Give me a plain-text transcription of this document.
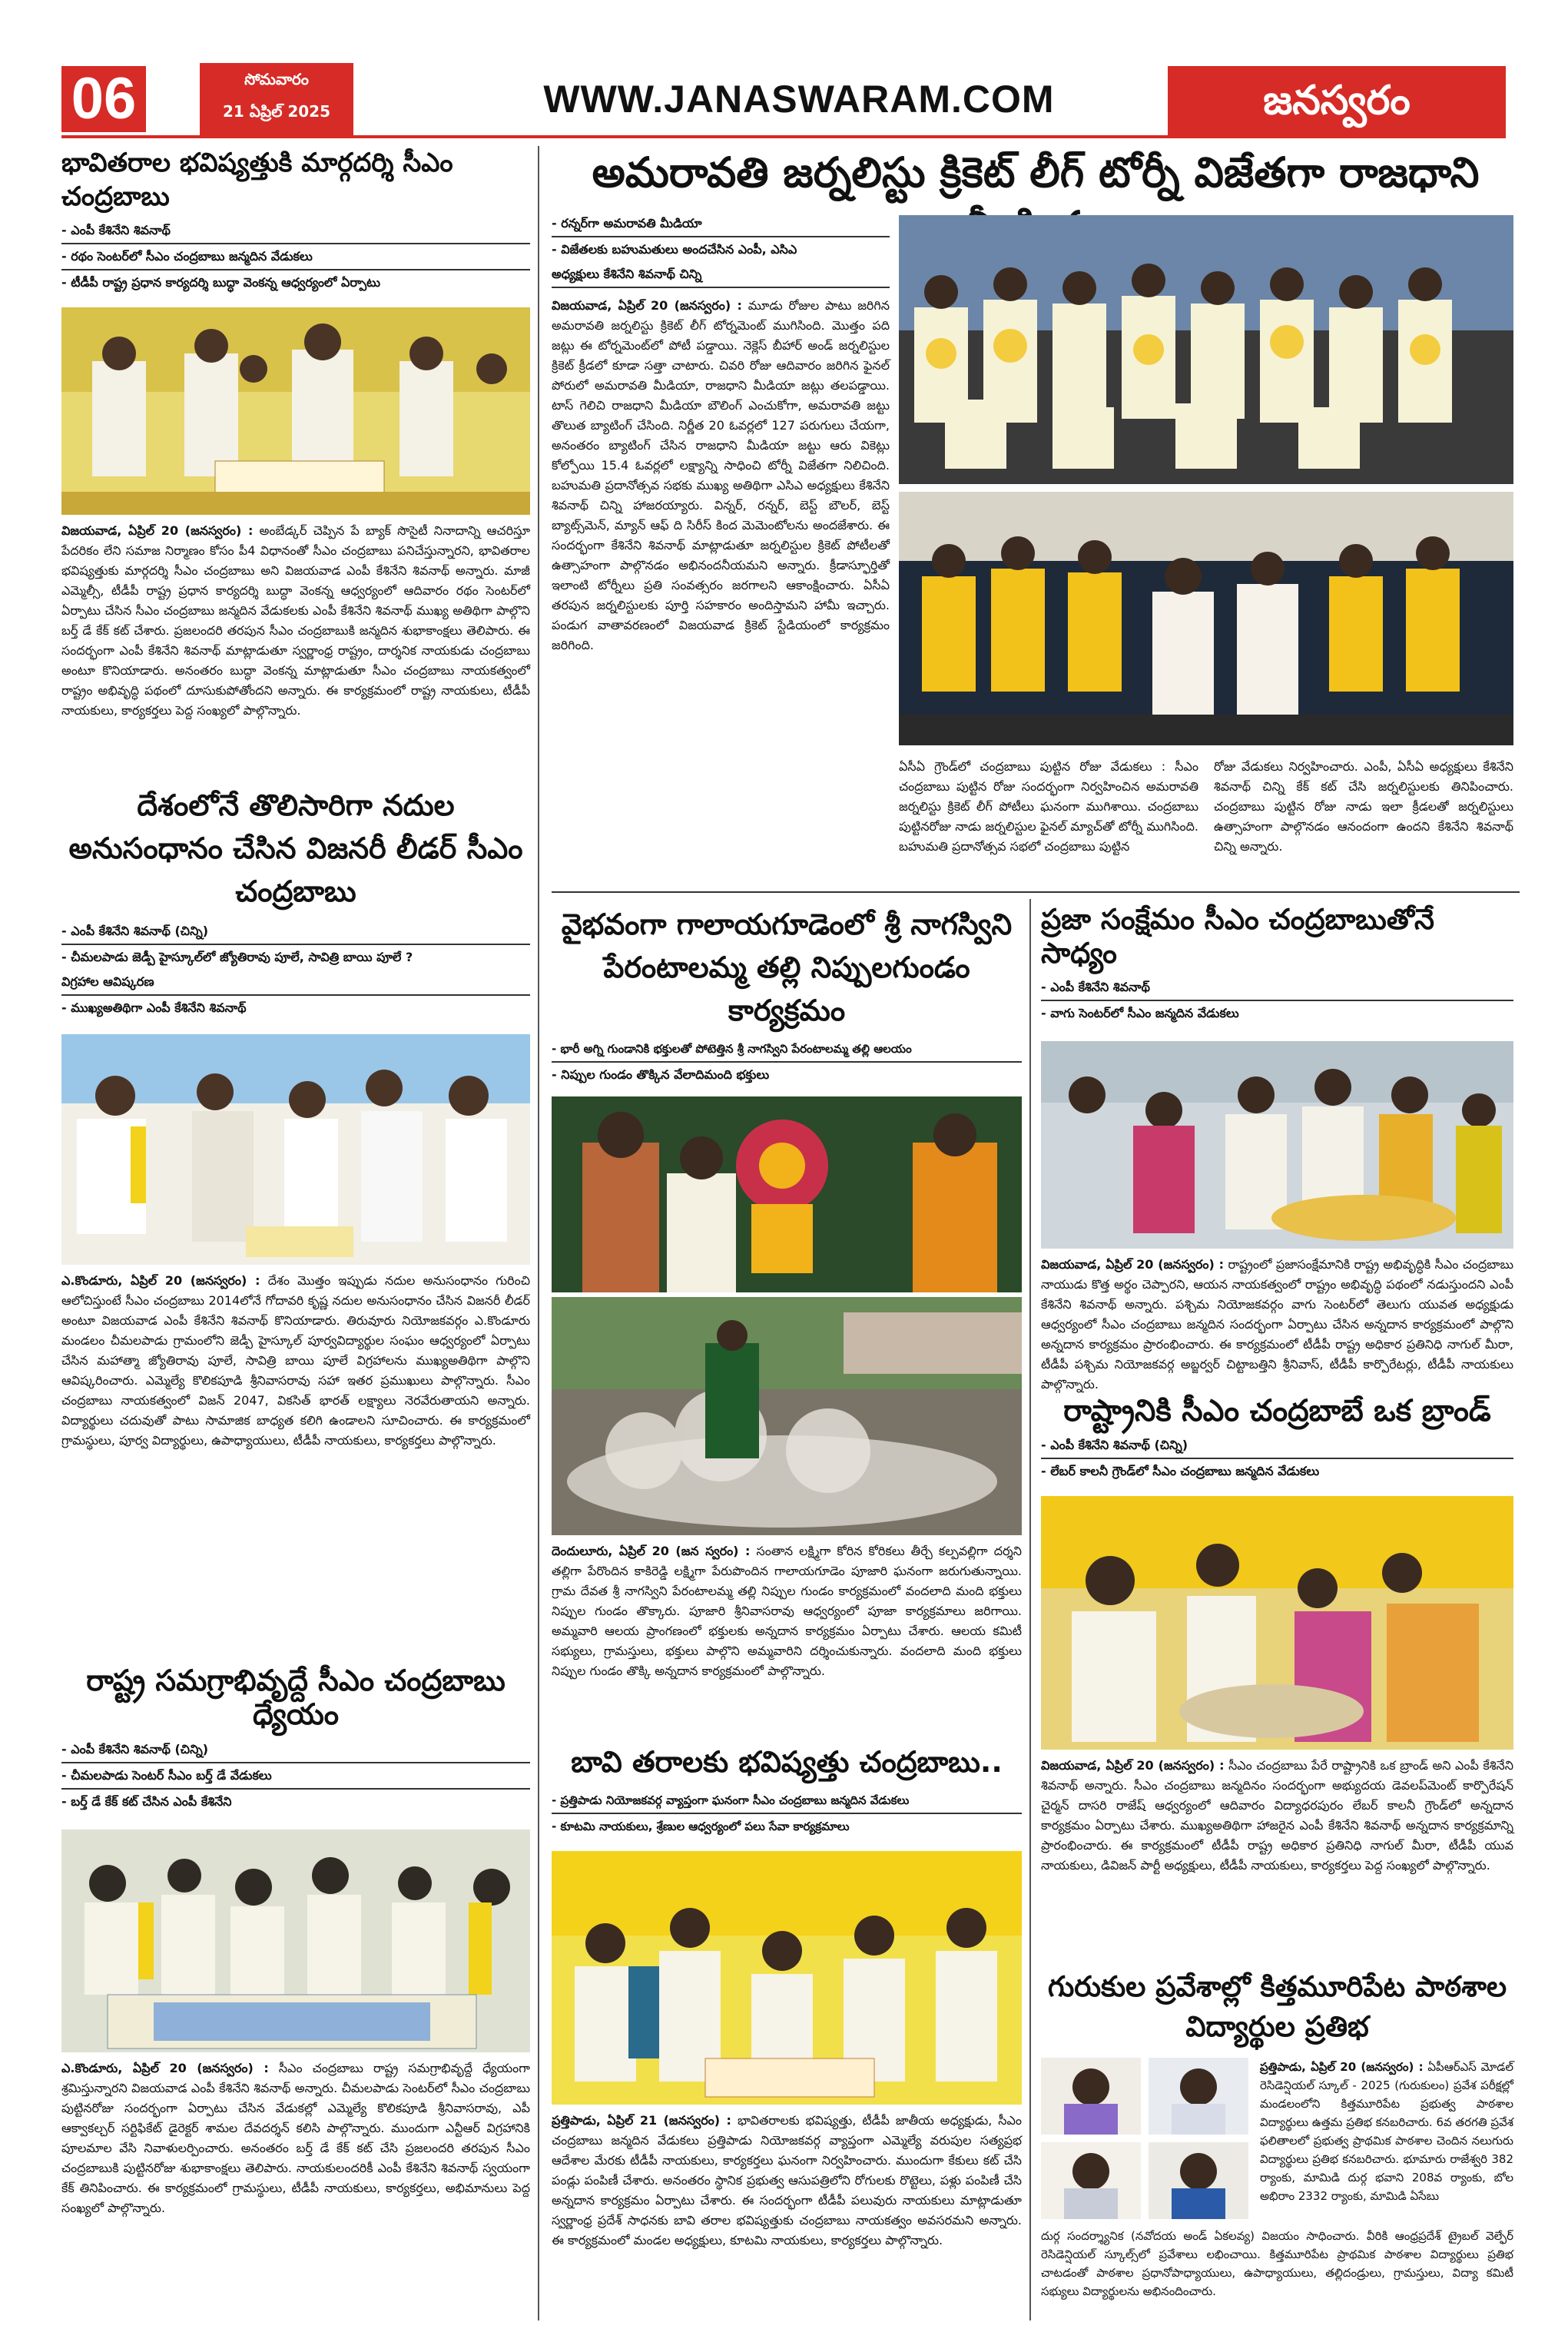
06	సోమవారం
21 ఏప్రిల్ 2025	WWW.JANASWARAM.COM	జనస్వరం
భావితరాల భవిష్యత్తుకి మార్గదర్శి సీఎం చంద్రబాబు
- ఎంపీ కేశినేని శివనాథ్
- రథం సెంటర్‌లో సీఎం చంద్రబాబు జన్మదిన వేడుకలు
- టీడీపీ రాష్ట్ర ప్రధాన కార్యదర్శి బుద్ధా వెంకన్న ఆధ్వర్యంలో ఏర్పాటు
విజయవాడ, ఏప్రిల్ 20 (జనస్వరం) : అంబేడ్కర్ చెప్పిన పే బ్యాక్ సొసైటీ నినాదాన్ని ఆచరిస్తూ పేదరికం లేని సమాజ నిర్మాణం కోసం పీ4 విధానంతో సీఎం చంద్రబాబు పనిచేస్తున్నారని, భావితరాల భవిష్యత్తుకు మార్గదర్శి సీఎం చంద్రబాబు అని విజయవాడ ఎంపీ కేశినేని శివనాథ్ అన్నారు. మాజీ ఎమ్మెల్సీ, టీడీపీ రాష్ట్ర ప్రధాన కార్యదర్శి బుద్ధా వెంకన్న ఆధ్వర్యంలో ఆదివారం రథం సెంటర్‌లో ఏర్పాటు చేసిన సీఎం చంద్రబాబు జన్మదిన వేడుకలకు ఎంపీ కేశినేని శివనాథ్ ముఖ్య అతిథిగా పాల్గొని బర్త్ డే కేక్ కట్ చేశారు. ప్రజలందరి తరపున సీఎం చంద్రబాబుకి జన్మదిన శుభాకాంక్షలు తెలిపారు. ఈ సందర్భంగా ఎంపీ కేశినేని శివనాథ్ మాట్లాడుతూ స్వర్ణాంధ్ర రాష్ట్రం, దార్శనిక నాయకుడు చంద్రబాబు అంటూ కొనియాడారు. అనంతరం బుద్ధా వెంకన్న మాట్లాడుతూ సీఎం చంద్రబాబు నాయకత్వంలో రాష్ట్రం అభివృద్ధి పథంలో దూసుకుపోతోందని అన్నారు. ఈ కార్యక్రమంలో రాష్ట్ర నాయకులు, టీడీపీ నాయకులు, కార్యకర్తలు పెద్ద సంఖ్యలో పాల్గొన్నారు.
దేశంలోనే తొలిసారిగా నదుల అనుసంధానం చేసిన విజనరీ లీడర్ సీఎం చంద్రబాబు
- ఎంపీ కేశినేని శివనాథ్ (చిన్ని)
- చీమలపాడు జెడ్పీ హైస్కూల్‌లో జ్యోతిరావు పూలే, సావిత్రి బాయి పూలే ?
విగ్రహాల ఆవిష్కరణ
- ముఖ్యఅతిథిగా ఎంపీ కేశినేని శివనాథ్
ఎ.కొండూరు, ఏప్రిల్ 20 (జనస్వరం) : దేశం మొత్తం ఇప్పుడు నదుల అనుసంధానం గురించి ఆలోచిస్తుంటే సీఎం చంద్రబాబు 2014లోనే గోదావరి కృష్ణ నదుల అనుసంధానం చేసిన విజనరీ లీడర్ అంటూ విజయవాడ ఎంపీ కేశినేని శివనాథ్ కొనియాడారు. తిరువూరు నియోజకవర్గం ఎ.కొండూరు మండలం చీమలపాడు గ్రామంలోని జెడ్పీ హైస్కూల్ పూర్వవిద్యార్థుల సంఘం ఆధ్వర్యంలో ఏర్పాటు చేసిన మహాత్మా జ్యోతిరావు పూలే, సావిత్రి బాయి పూలే విగ్రహాలను ముఖ్యఅతిథిగా పాల్గొని ఆవిష్కరించారు. ఎమ్మెల్యే కొలికపూడి శ్రీనివాసరావు సహా ఇతర ప్రముఖులు పాల్గొన్నారు. సీఎం చంద్రబాబు నాయకత్వంలో విజన్ 2047, వికసిత్ భారత్ లక్ష్యాలు నెరవేరుతాయని అన్నారు. విద్యార్థులు చదువుతో పాటు సామాజిక బాధ్యత కలిగి ఉండాలని సూచించారు. ఈ కార్యక్రమంలో గ్రామస్థులు, పూర్వ విద్యార్థులు, ఉపాధ్యాయులు, టీడీపీ నాయకులు, కార్యకర్తలు పాల్గొన్నారు.
రాష్ట్ర సమగ్రాభివృద్దే సీఎం చంద్రబాబు ధ్యేయం
- ఎంపీ కేశినేని శివనాథ్ (చిన్ని)
- చీమలపాడు సెంటర్ సీఎం బర్త్ డే వేడుకలు
- బర్త్ డే కేక్ కట్ చేసిన ఎంపీ కేశినేని
ఎ.కొండూరు, ఏప్రిల్ 20 (జనస్వరం) : సీఎం చంద్రబాబు రాష్ట్ర సమగ్రాభివృద్దే ధ్యేయంగా శ్రమిస్తున్నారని విజయవాడ ఎంపీ కేశినేని శివనాథ్ అన్నారు. చీమలపాడు సెంటర్‌లో సీఎం చంద్రబాబు పుట్టినరోజు సందర్భంగా ఏర్పాటు చేసిన వేడుకల్లో ఎమ్మెల్యే కొలికపూడి శ్రీనివాసరావు, ఎపీ ఆక్వాకల్చర్ సర్టిఫికేట్ డైరెక్టర్ శామల దేవదర్శన్ కలిసి పాల్గొన్నారు. ముందుగా ఎన్టీఆర్ విగ్రహానికి పూలమాల వేసి నివాళులర్పించారు. అనంతరం బర్త్ డే కేక్ కట్ చేసి ప్రజలందరి తరపున సీఎం చంద్రబాబుకి పుట్టినరోజు శుభాకాంక్షలు తెలిపారు. నాయకులందరికీ ఎంపీ కేశినేని శివనాథ్ స్వయంగా కేక్ తినిపించారు. ఈ కార్యక్రమంలో గ్రామస్థులు, టీడీపీ నాయకులు, కార్యకర్తలు, అభిమానులు పెద్ద సంఖ్యలో పాల్గొన్నారు.
అమరావతి జర్నలిస్టు క్రికెట్ లీగ్ టోర్నీ విజేతగా రాజధాని
- రన్నర్‌గా అమరావతి మీడియా
- విజేతలకు బహుమతులు అందచేసిన ఎంపీ, ఎసిఎ
అధ్యక్షులు కేశినేని శివనాథ్ చిన్ని
విజయవాడ, ఏప్రిల్ 20 (జనస్వరం) : మూడు రోజుల పాటు జరిగిన అమరావతి జర్నలిస్టు క్రికెట్ లీగ్ టోర్నమెంట్ ముగిసింది. మొత్తం పది జట్లు ఈ టోర్నమెంట్‌లో పోటీ పడ్డాయి. నెక్లెస్ బీహార్ అండ్ జర్నలిస్టుల క్రికెట్ క్రీడలో కూడా సత్తా చాటారు. చివరి రోజు ఆదివారం జరిగిన ఫైనల్ పోరులో అమరావతి మీడియా, రాజధాని మీడియా జట్లు తలపడ్డాయి. టాస్ గెలిచి రాజధాని మీడియా బౌలింగ్ ఎంచుకోగా, అమరావతి జట్టు తొలుత బ్యాటింగ్ చేసింది. నిర్ణీత 20 ఓవర్లలో 127 పరుగులు చేయగా, అనంతరం బ్యాటింగ్ చేసిన రాజధాని మీడియా జట్టు ఆరు వికెట్లు కోల్పోయి 15.4 ఓవర్లలో లక్ష్యాన్ని సాధించి టోర్నీ విజేతగా నిలిచింది. బహుమతి ప్రదానోత్సవ సభకు ముఖ్య అతిథిగా ఎసిఎ అధ్యక్షులు కేశినేని శివనాథ్ చిన్ని హాజరయ్యారు. విన్నర్, రన్నర్, బెస్ట్ బౌలర్, బెస్ట్ బ్యాట్స్‌మెన్, మ్యాన్ ఆఫ్ ది సిరీస్ కింద మెమెంటోలను అందజేశారు. ఈ సందర్భంగా కేశినేని శివనాథ్ మాట్లాడుతూ జర్నలిస్టుల క్రికెట్ పోటీలతో ఉత్సాహంగా పాల్గొనడం అభినందనీయమని అన్నారు. క్రీడాస్ఫూర్తితో ఇలాంటి టోర్నీలు ప్రతి సంవత్సరం జరగాలని ఆకాంక్షించారు. ఏసీఏ తరపున జర్నలిస్టులకు పూర్తి సహకారం అందిస్తామని హామీ ఇచ్చారు. పండుగ వాతావరణంలో విజయవాడ క్రికెట్ స్టేడియంలో కార్యక్రమం జరిగింది.
ఏసీఏ గ్రౌండ్‌లో చంద్రబాబు పుట్టిన రోజు వేడుకలు : సీఎం చంద్రబాబు పుట్టిన రోజు సందర్భంగా నిర్వహించిన అమరావతి జర్నలిస్టు క్రికెట్ లీగ్ పోటీలు ఘనంగా ముగిశాయి. చంద్రబాబు పుట్టినరోజు నాడు జర్నలిస్టుల ఫైనల్ మ్యాచ్‌తో టోర్నీ ముగిసింది. బహుమతి ప్రదానోత్సవ సభలో చంద్రబాబు పుట్టిన
రోజు వేడుకలు నిర్వహించారు. ఎంపీ, ఏసీఏ అధ్యక్షులు కేశినేని శివనాథ్ చిన్ని కేక్ కట్ చేసి జర్నలిస్టులకు తినిపించారు. చంద్రబాబు పుట్టిన రోజు నాడు ఇలా క్రీడలతో జర్నలిస్టులు ఉత్సాహంగా పాల్గొనడం ఆనందంగా ఉందని కేశినేని శివనాథ్ చిన్ని అన్నారు.
వైభవంగా గాలాయగూడెంలో శ్రీ నాగస్విని పేరంటాలమ్మ తల్లి నిప్పులగుండం కార్యక్రమం
- భారీ అగ్ని గుండానికి భక్తులతో పోటెత్తిన శ్రీ నాగస్విని పేరంటాలమ్మ తల్లి ఆలయం
- నిప్పుల గుండం తొక్కిన వేలాదిమంది భక్తులు
దెందులూరు, ఏప్రిల్ 20 (జన స్వరం) : సంతాన లక్ష్మిగా కోరిన కోరికలు తీర్చే కల్పవల్లిగా దర్శని తల్లిగా పేరొందిన కాకిరెడ్డి లక్ష్మిగా పేరుపొందిన గాలాయగూడెం పూజారి ఘనంగా జరుగుతున్నాయి. గ్రామ దేవత శ్రీ నాగస్విని పేరంటాలమ్మ తల్లి నిప్పుల గుండం కార్యక్రమంలో వందలాది మంది భక్తులు నిప్పుల గుండం తొక్కారు. పూజారి శ్రీనివాసరావు ఆధ్వర్యంలో పూజా కార్యక్రమాలు జరిగాయి. అమ్మవారి ఆలయ ప్రాంగణంలో భక్తులకు అన్నదాన కార్యక్రమం ఏర్పాటు చేశారు. ఆలయ కమిటీ సభ్యులు, గ్రామస్తులు, భక్తులు పాల్గొని అమ్మవారిని దర్శించుకున్నారు. వందలాది మంది భక్తులు నిప్పుల గుండం తొక్కి అన్నదాన కార్యక్రమంలో పాల్గొన్నారు.
బావి తరాలకు భవిష్యత్తు చంద్రబాబు..
- ప్రత్తిపాడు నియోజకవర్గ వ్యాప్తంగా ఘనంగా సీఎం చంద్రబాబు జన్మదిన వేడుకలు
- కూటమి నాయకులు, శ్రేణుల ఆధ్వర్యంలో పలు సేవా కార్యక్రమాలు
ప్రత్తిపాడు, ఏప్రిల్ 21 (జనస్వరం) : భావితరాలకు భవిష్యత్తు, టీడీపీ జాతీయ అధ్యక్షుడు, సీఎం చంద్రబాబు జన్మదిన వేడుకలు ప్రత్తిపాడు నియోజకవర్గ వ్యాప్తంగా ఎమ్మెల్యే వరుపుల సత్యప్రభ ఆదేశాల మేరకు టీడీపీ నాయకులు, కార్యకర్తలు ఘనంగా నిర్వహించారు. ముందుగా కేకులు కట్ చేసి పండ్లు పంపిణీ చేశారు. అనంతరం స్థానిక ప్రభుత్వ ఆసుపత్రిలోని రోగులకు రొట్టెలు, పళ్లు పంపిణీ చేసి అన్నదాన కార్యక్రమం ఏర్పాటు చేశారు. ఈ సందర్భంగా టీడీపీ పలువురు నాయకులు మాట్లాడుతూ స్వర్ణాంధ్ర ప్రదేశ్ సాధనకు బావి తరాల భవిష్యత్తుకు చంద్రబాబు నాయకత్వం అవసరమని అన్నారు. ఈ కార్యక్రమంలో మండల అధ్యక్షులు, కూటమి నాయకులు, కార్యకర్తలు పాల్గొన్నారు.
ప్రజా సంక్షేమం సీఎం చంద్రబాబుతోనే సాధ్యం
- ఎంపీ కేశినేని శివనాథ్
- వాగు సెంటర్‌లో సీఎం జన్మదిన వేడుకలు
విజయవాడ, ఏప్రిల్ 20 (జనస్వరం) : రాష్ట్రంలో ప్రజాసంక్షేమానికి రాష్ట్ర అభివృద్ధికి సీఎం చంద్రబాబు నాయుడు కొత్త అర్థం చెప్పారని, ఆయన నాయకత్వంలో రాష్ట్రం అభివృద్ధి పథంలో నడుస్తుందని ఎంపీ కేశినేని శివనాథ్ అన్నారు. పశ్చిమ నియోజకవర్గం వాగు సెంటర్‌లో తెలుగు యువత అధ్యక్షుడు ఆధ్వర్యంలో సీఎం చంద్రబాబు జన్మదిన సందర్భంగా ఏర్పాటు చేసిన అన్నదాన కార్యక్రమంలో పాల్గొని అన్నదాన కార్యక్రమం ప్రారంభించారు. ఈ కార్యక్రమంలో టీడీపీ రాష్ట్ర అధికార ప్రతినిధి నాగుల్ మీరా, టీడీపీ పశ్చిమ నియోజకవర్గ అబ్జర్వర్ చిట్టాబత్తిని శ్రీనివాస్, టీడీపీ కార్పొరేటర్లు, టీడీపీ నాయకులు పాల్గొన్నారు.
రాష్ట్రానికి సీఎం చంద్రబాబే ఒక బ్రాండ్
- ఎంపీ కేశినేని శివనాథ్ (చిన్ని)
- లేబర్ కాలనీ గ్రౌండ్‌లో సీఎం చంద్రబాబు జన్మదిన వేడుకలు
విజయవాడ, ఏప్రిల్ 20 (జనస్వరం) : సీఎం చంద్రబాబు పేరే రాష్ట్రానికి ఒక బ్రాండ్ అని ఎంపీ కేశినేని శివనాథ్ అన్నారు. సీఎం చంద్రబాబు జన్మదినం సందర్భంగా అభ్యుదయ డెవలప్‌మెంట్ కార్పొరేషన్ చైర్మన్ దాసరి రాజేష్ ఆధ్వర్యంలో ఆదివారం విద్యాధరపురం లేబర్ కాలనీ గ్రౌండ్‌లో అన్నదాన కార్యక్రమం ఏర్పాటు చేశారు. ముఖ్యఅతిథిగా హాజరైన ఎంపీ కేశినేని శివనాథ్ అన్నదాన కార్యక్రమాన్ని ప్రారంభించారు. ఈ కార్యక్రమంలో టీడీపీ రాష్ట్ర అధికార ప్రతినిధి నాగుల్ మీరా, టీడీపీ యువ నాయకులు, డివిజన్ పార్టీ అధ్యక్షులు, టీడీపీ నాయకులు, కార్యకర్తలు పెద్ద సంఖ్యలో పాల్గొన్నారు.
గురుకుల ప్రవేశాల్లో కిత్తమూరిపేట పాఠశాల విద్యార్థుల ప్రతిభ
ప్రత్తిపాడు, ఏప్రిల్ 20 (జనస్వరం) : ఏపీఆర్‌ఎస్ మోడల్ రెసిడెన్షియల్ స్కూల్ - 2025 (గురుకులం) ప్రవేశ పరీక్షల్లో మండలంలోని కిత్తమూరిపేట ప్రభుత్వ పాఠశాల విద్యార్థులు ఉత్తమ ప్రతిభ కనబరిచారు. 6వ తరగతి ప్రవేశ ఫలితాలలో ప్రభుత్వ ప్రాథమిక పాఠశాల చెందిన నలుగురు విద్యార్థులు ప్రతిభ కనబరిచారు. భూమారు రాజేశ్వరి 382 ర్యాంకు, మామిడి దుర్గ భవాని 208వ ర్యాంకు, బోల అభిరాం 2332 ర్యాంకు, మామిడి ఏసేబు
దుర్గ సందర్శ్యానిక (నవోదయ అండ్ ఏకలవ్య) విజయం సాధించారు. వీరికి ఆంధ్రప్రదేశ్ ట్రైబల్ వెల్ఫేర్ రెసిడెన్షియల్ స్కూల్స్‌లో ప్రవేశాలు లభించాయి. కిత్తమూరిపేట ప్రాథమిక పాఠశాల విద్యార్థులు ప్రతిభ చాటడంతో పాఠశాల ప్రధానోపాధ్యాయులు, ఉపాధ్యాయులు, తల్లిదండ్రులు, గ్రామస్తులు, విద్యా కమిటీ సభ్యులు విద్యార్థులను అభినందించారు.
